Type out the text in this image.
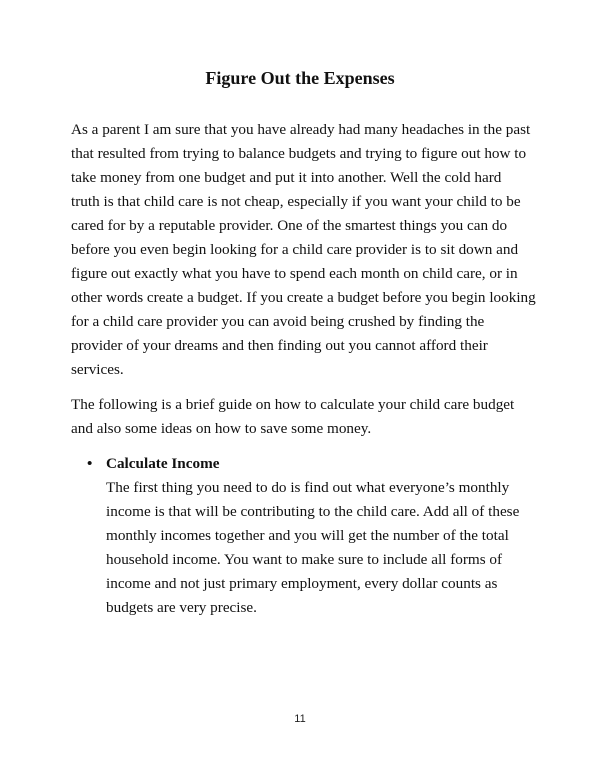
Figure Out the Expenses

As a parent I am sure that you have already had many headaches in the past
that resulted from trying to balance budgets and trying to figure out how to
take money from one budget and put it into another. Well the cold hard
truth is that child care is not cheap, especially if you want your child to be
cared for by a reputable provider. One of the smartest things you can do
before you even begin looking for a child care provider is to sit down and
figure out exactly what you have to spend each month on child care, or in
other words create a budget. If you create a budget before you begin looking
for a child care provider you can avoid being crushed by finding the
provider of your dreams and then finding out you cannot afford their
services.

The following is a brief guide on how to calculate your child care budget
and also some ideas on how to save some money.

• Calculate Income
The first thing you need to do is find out what everyone’s monthly
income is that will be contributing to the child care. Add all of these
monthly incomes together and you will get the number of the total
household income. You want to make sure to include all forms of
income and not just primary employment, every dollar counts as
budgets are very precise.
11
